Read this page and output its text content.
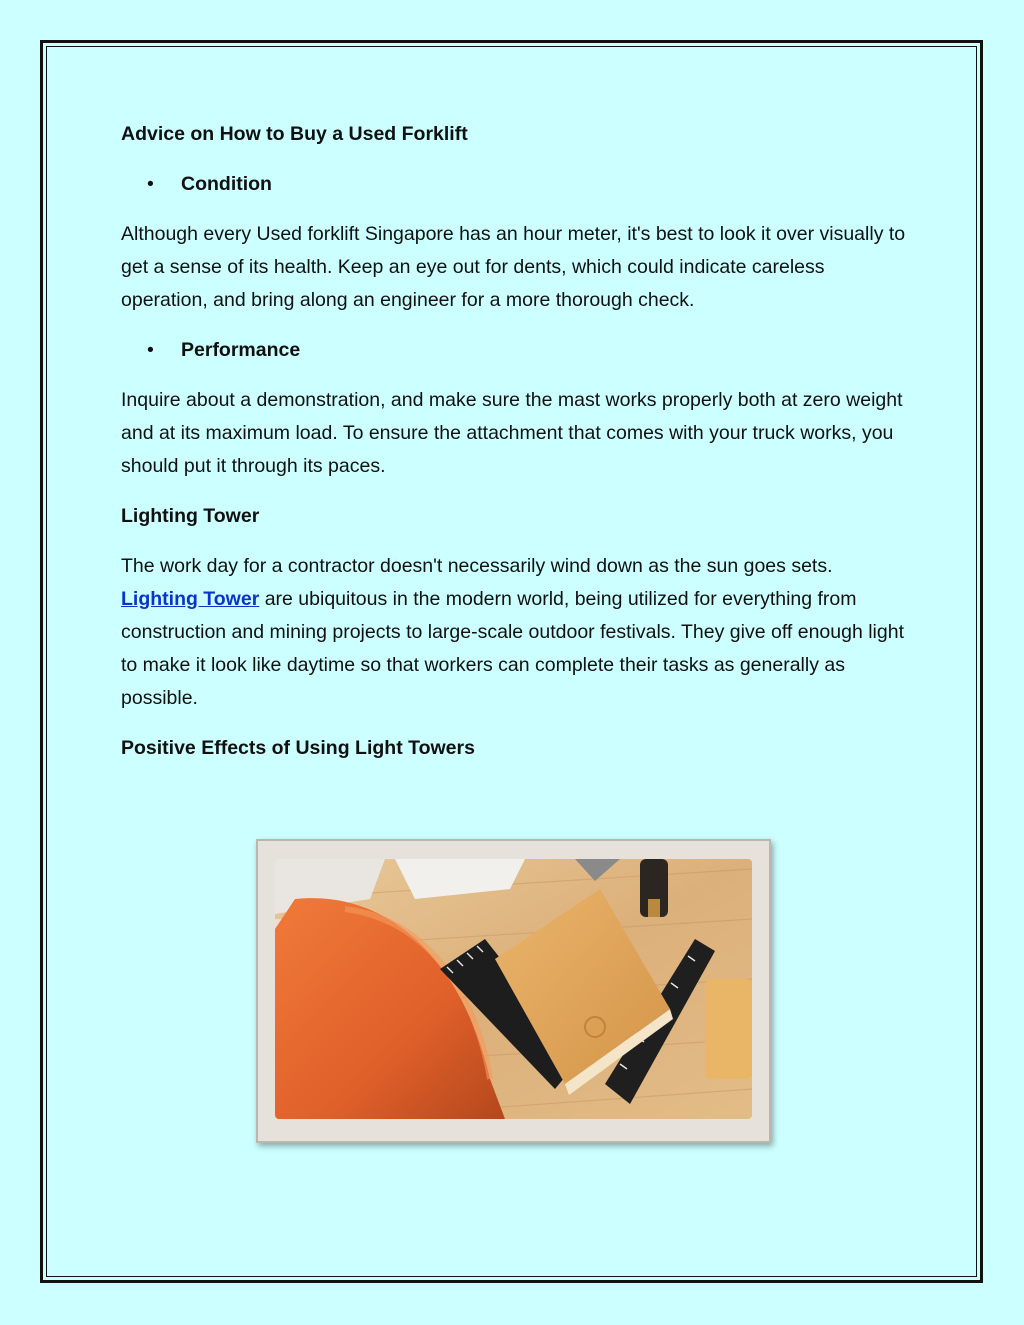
Advice on How to Buy a Used Forklift
•	Condition
Although every Used forklift Singapore has an hour meter, it's best to look it over visually to get a sense of its health. Keep an eye out for dents, which could indicate careless operation, and bring along an engineer for a more thorough check.
•	Performance
Inquire about a demonstration, and make sure the mast works properly both at zero weight and at its maximum load. To ensure the attachment that comes with your truck works, you should put it through its paces.
Lighting Tower
The work day for a contractor doesn't necessarily wind down as the sun goes sets. Lighting Tower are ubiquitous in the modern world, being utilized for everything from construction and mining projects to large-scale outdoor festivals. They give off enough light to make it look like daytime so that workers can complete their tasks as generally as possible.
Positive Effects of Using Light Towers
